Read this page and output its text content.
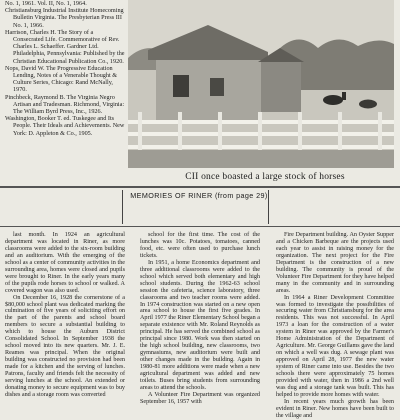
No. 1, 1961. Vol. II, No. 1, 1964.

Christiansburg Industrial Institute Homecoming Bulletin Virginia. The Presbyterian Press III No. 1, 1966.

Harrison, Charles H. The Story of a Consecrated Life. Commemorative of Rev. Charles L. Schaeffer. Gardner Ltd. Philadelphia, Pennsylvania: Published by the Christian Educational Publication Co., 1920.

Nops, David W. The Progressive Education Lending, Notes of a Venerable Thought & Culture Series, Chicago: Rand McNally, 1970.

Pinchbeck, Raymond B. The Virginia Negro Artisan and Tradesman. Richmond, Virginia: The William Byrd Press, Inc., 1926.

Washington, Booker T. ed. Tuskegee and Its People. Their Ideals and Achievements. New York: D. Appleton & Co., 1905.

CII once boasted a large stock of horses
MEMORIES OF RINER (from page 29)

last month. In 1924 an agricultural department was located in Riner, as more classrooms were added to the six-room building and an auditorium. With the emerging of the school as a center of community activities in the surrounding area, homes were closed and pupils were brought to Riner. In the early years many of the pupils rode horses to school or walked. A covered wagon was also used.

On December 16, 1928 the cornerstone of a $80,000 school plant was dedicated marking the culmination of five years of soliciting effort on the part of the parents and school board members to secure a substantial building to which to house the Auburn District Consolidated School. In September 1938 the school moved into its new quarters. Mr. J. E. Reames was principal. When the original building was constructed no provision had been made for a kitchen and the serving of lunches. Patrons, faculty and friends felt the necessity of serving lunches at the school. An extended or donating money to secure equipment was to buy dishes and a storage room was converted

school for the first time. The cost of the lunches was 10c. Potatoes, tomatoes, canned food, etc. were often used to purchase lunch tickets.

In 1951, a home Economics department and three additional classrooms were added to the school which served both elementary and high school students. During the 1962-63 school session the cafeteria, science laboratory, three classrooms and two teacher rooms were added. In 1974 construction was started on a new open area school to house the first five grades. In April 1977 the Riner Elementary School began a separate existence with Mr. Roland Reynolds as principal. He has served the combined school as principal since 1980. Work was then started on the high school building, new classrooms, two gymnasiums, new auditorium were built and other changes made in the building. Again in 1980-81 more additions were made when a new agricultural department was added and new toilets. Buses bring students from surrounding areas to attend the schools.

A Volunteer Fire Department was organized September 16, 1957 with

Fire Department building. An Oyster Supper and a Chicken Barbeque are the projects used each year to assist in raising money for the organization. The next project for the Fire Department is the construction of a new building. The community is proud of the Volunteer Fire Department for they have helped many in the community and in surrounding areas.

In 1964 a Riner Development Committee was formed to investigate the possibilities of securing water from Christiansburg for the area residents. This was not successful. In April 1973 a loan for the construction of a water system in Riner was approved by the Farmer's Home Administration of the Department of Agriculture. Mr. George Guillams gave the land on which a well was dug. A sewage plant was approved on April 28, 1977 the new water system of Riner came into use. Besides the two schools there were approximately 75 homes provided with water, then in 1986 a 2nd well was dug and a storage tank was built. This has helped to provide more homes with water.

In recent years much growth has been evident in Riner. New homes have been built to the village and
